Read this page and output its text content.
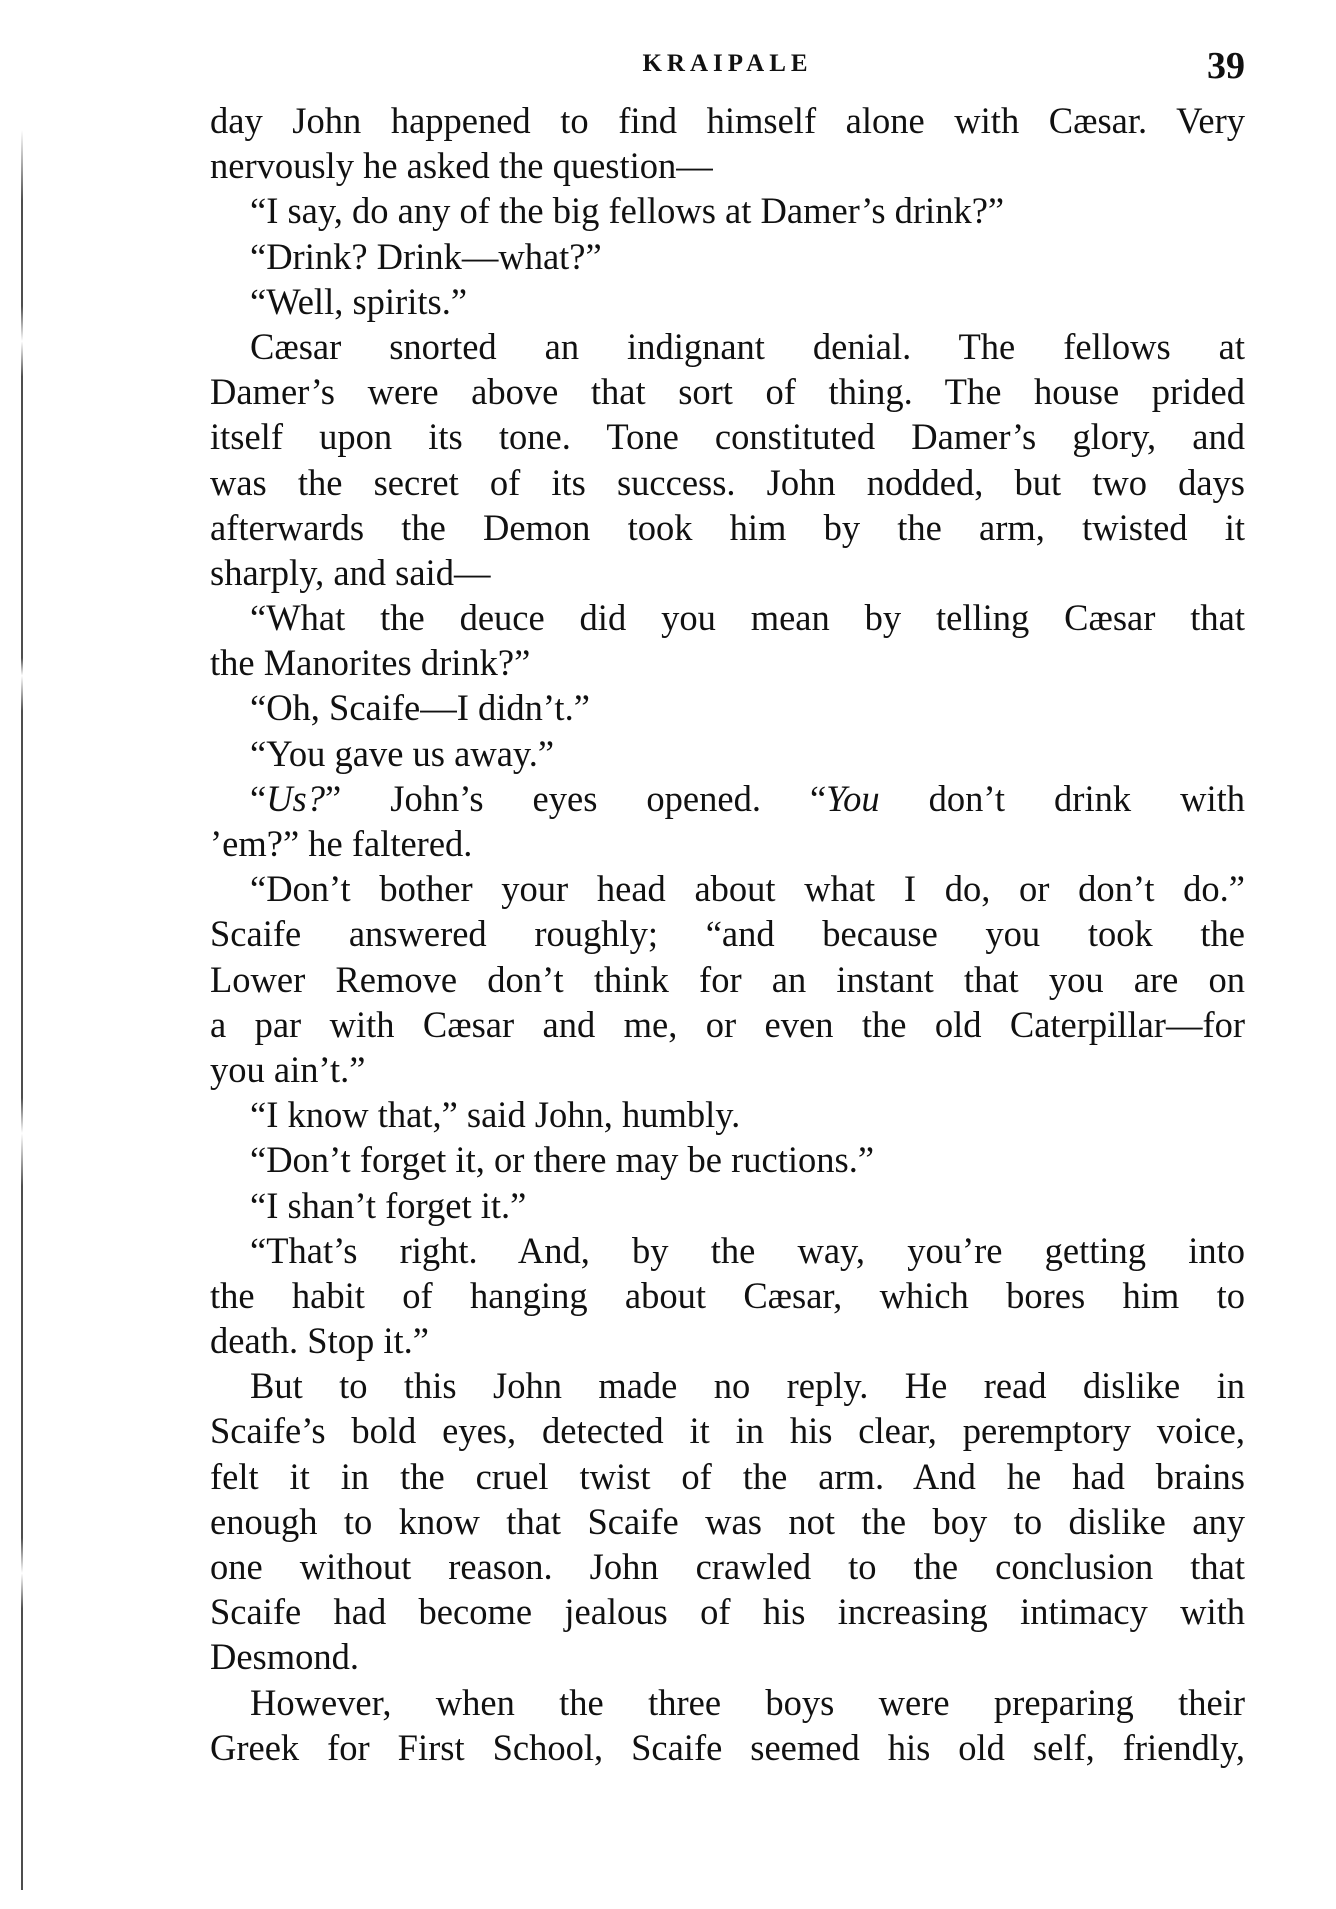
KRAIPALE	39
day John happened to find himself alone with Cæsar. Very
nervously he asked the question—
“I say, do any of the big fellows at Damer’s drink?”
“Drink? Drink—what?”
“Well, spirits.”
Cæsar snorted an indignant denial. The fellows at
Damer’s were above that sort of thing. The house prided
itself upon its tone. Tone constituted Damer’s glory, and
was the secret of its success. John nodded, but two days
afterwards the Demon took him by the arm, twisted it
sharply, and said—
“What the deuce did you mean by telling Cæsar that
the Manorites drink?”
“Oh, Scaife—I didn’t.”
“You gave us away.”
“Us?” John’s eyes opened. “You don’t drink with
’em?” he faltered.
“Don’t bother your head about what I do, or don’t do.”
Scaife answered roughly; “and because you took the
Lower Remove don’t think for an instant that you are on
a par with Cæsar and me, or even the old Caterpillar—for
you ain’t.”
“I know that,” said John, humbly.
“Don’t forget it, or there may be ructions.”
“I shan’t forget it.”
“That’s right. And, by the way, you’re getting into
the habit of hanging about Cæsar, which bores him to
death. Stop it.”
But to this John made no reply. He read dislike in
Scaife’s bold eyes, detected it in his clear, peremptory voice,
felt it in the cruel twist of the arm. And he had brains
enough to know that Scaife was not the boy to dislike any
one without reason. John crawled to the conclusion that
Scaife had become jealous of his increasing intimacy with
Desmond.
However, when the three boys were preparing their
Greek for First School, Scaife seemed his old self, friendly,
